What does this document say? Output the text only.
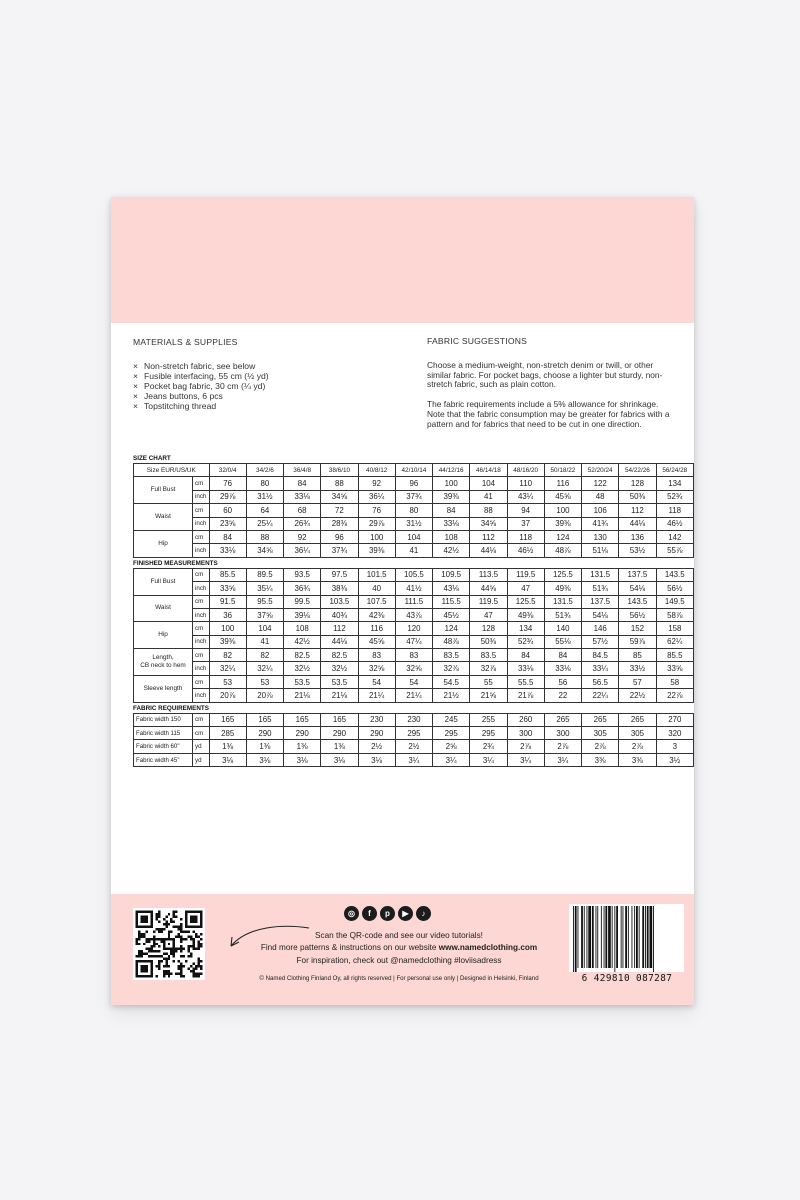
MATERIALS & SUPPLIES
× Non-stretch fabric, see below
× Fusible interfacing, 55 cm (½ yd)
× Pocket bag fabric, 30 cm (¼ yd)
× Jeans buttons, 6 pcs
× Topstitching thread
FABRIC SUGGESTIONS

Choose a medium-weight, non-stretch denim or twill, or other similar fabric. For pocket bags, choose a lighter but sturdy, non-stretch fabric, such as plain cotton.

The fabric requirements include a 5% allowance for shrinkage. Note that the fabric consumption may be greater for fabrics with a pattern and for fabrics that need to be cut in one direction.

SIZE CHART
Size EUR/US/UK		32/0/4	34/2/6	36/4/8	38/6/10	40/8/12	42/10/14	44/12/16	46/14/18	48/16/20	50/18/22	52/20/24	54/22/26	56/24/28
Full Bust	cm	76	80	84	88	92	96	100	104	110	116	122	128	134
	inch	29⅞	31½	33⅛	34⅝	36¼	37¾	39⅜	41	43¼	45⅝	48	50⅜	52¾
Waist	cm	60	64	68	72	76	80	84	88	94	100	106	112	118
	inch	23⅝	25¼	26¾	28⅜	29⅞	31½	33⅛	34⅝	37	39⅜	41¾	44⅛	46½
Hip	cm	84	88	92	96	100	104	108	112	118	124	130	136	142
	inch	33⅛	34⅝	36¼	37¾	39⅜	41	42½	44⅛	46½	48⅞	51⅛	53½	55⅞
FINISHED MEASUREMENTS
Full Bust	cm	85.5	89.5	93.5	97.5	101.5	105.5	109.5	113.5	119.5	125.5	131.5	137.5	143.5
	inch	33⅝	35¼	36¾	38⅜	40	41½	43⅛	44⅝	47	49⅜	51¾	54⅛	56½
Waist	cm	91.5	95.5	99.5	103.5	107.5	111.5	115.5	119.5	125.5	131.5	137.5	143.5	149.5
	inch	36	37⅝	39⅛	40¾	42⅜	43⅞	45½	47	49⅜	51¾	54⅛	56½	58⅞
Hip	cm	100	104	108	112	116	120	124	128	134	140	146	152	158
	inch	39⅜	41	42½	44⅛	45⅝	47¼	48⅞	50⅜	52¾	55⅛	57½	59⅞	62¼
Length,
CB neck to hem	cm	82	82	82.5	82.5	83	83	83.5	83.5	84	84	84.5	85	85.5
	inch	32¼	32¼	32½	32½	32⅝	32⅝	32⅞	32⅞	33⅛	33⅛	33¼	33½	33⅝
Sleeve length	cm	53	53	53.5	53.5	54	54	54.5	55	55.5	56	56.5	57	58
	inch	20⅞	20⅞	21⅛	21⅛	21¼	21¼	21½	21⅝	21⅞	22	22¼	22½	22⅞
FABRIC REQUIREMENTS
Fabric width 150	cm	165	165	165	165	230	230	245	255	260	265	265	265	270
Fabric width 115	cm	285	290	290	290	290	295	295	295	300	300	305	305	320
Fabric width 60"	yd	1⅜	1⅜	1⅜	1⅜	2½	2½	2⅝	2¾	2⅞	2⅞	2⅞	2⅞	3
Fabric width 45"	yd	3⅛	3⅛	3⅛	3⅛	3⅛	3¼	3¼	3¼	3¼	3¼	3⅜	3⅜	3½
◎	f	p	▶	♪
Scan the QR-code and see our video tutorials!
Find more patterns & instructions on our website www.namedclothing.com
For inspiration, check out @namedclothing #loviisadress
© Named Clothing Finland Oy, all rights reserved | For personal use only | Designed in Helsinki, Finland	6 429810 087287
